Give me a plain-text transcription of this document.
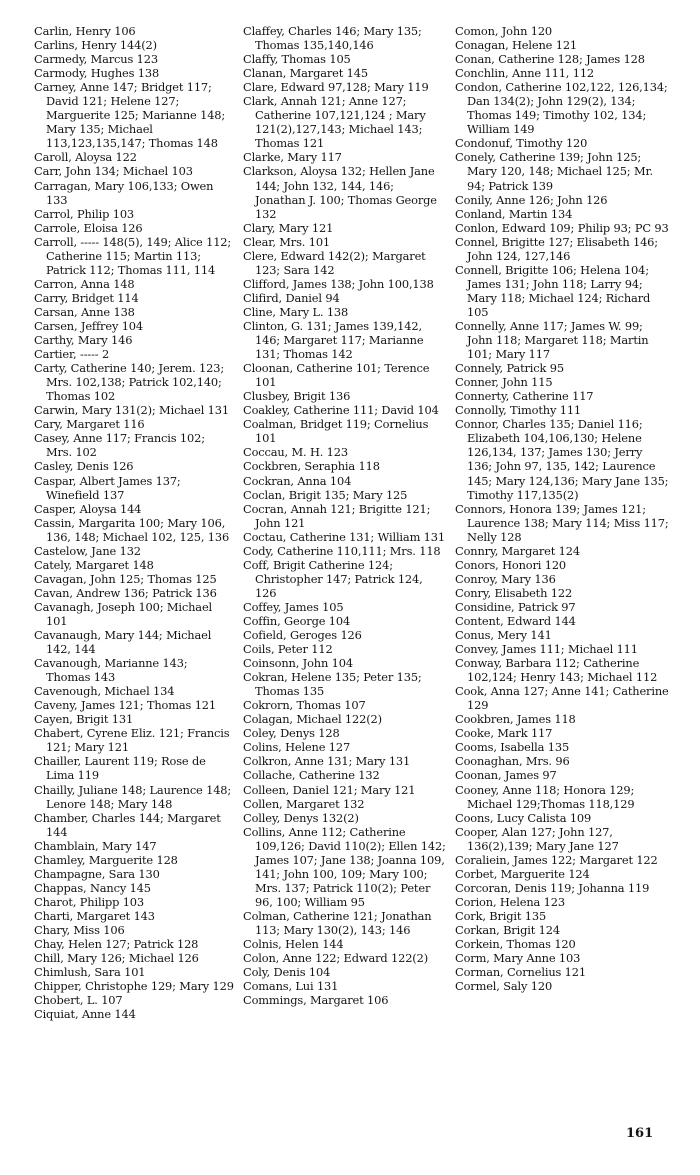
Carlin, Henry 106
Carlins, Henry 144(2)
Carmedy, Marcus 123
Carmody, Hughes 138
Carney, Anne 147; Bridget 117; David 121; Helene 127; Marguerite 125; Marianne 148; Mary 135; Michael 113,123,135,147; Thomas 148
Caroll, Aloysa 122
Carr, John 134; Michael 103
Carragan, Mary 106,133; Owen 133
Carrol, Philip 103
Carrole, Eloisa 126
Carroll, ----- 148(5), 149; Alice 112; Catherine 115; Martin 113; Patrick 112; Thomas 111, 114
Carron, Anna 148
Carry, Bridget 114
Carsan, Anne 138
Carsen, Jeffrey 104
Carthy, Mary 146
Cartier, ----- 2
Carty, Catherine 140; Jerem. 123; Mrs. 102,138; Patrick 102,140; Thomas 102
Carwin, Mary 131(2); Michael 131
Cary, Margaret 116
Casey, Anne 117; Francis 102; Mrs. 102
Casley, Denis 126
Caspar, Albert James 137; Winefield 137
Casper, Aloysa 144
Cassin, Margarita 100; Mary 106, 136, 148; Michael 102, 125, 136
Castelow, Jane 132
Cately, Margaret 148
Cavagan, John 125; Thomas 125
Cavan, Andrew 136; Patrick 136
Cavanagh, Joseph 100; Michael 101
Cavanaugh, Mary 144; Michael 142, 144
Cavanough, Marianne 143; Thomas 143
Cavenough, Michael 134
Caveny, James 121; Thomas 121
Cayen, Brigit 131
Chabert, Cyrene Eliz. 121; Francis 121; Mary 121
Chailler, Laurent 119; Rose de Lima 119
Chailly, Juliane 148; Laurence 148; Lenore 148; Mary 148
Chamber, Charles 144; Margaret 144
Chamblain, Mary 147
Chamley, Marguerite 128
Champagne, Sara 130
Chappas, Nancy 145
Charot, Philipp 103
Charti, Margaret 143
Chary, Miss 106
Chay, Helen 127; Patrick 128
Chill, Mary 126; Michael 126
Chimlush, Sara 101
Chipper, Christophe 129; Mary 129
Chobert, L. 107
Ciquiat, Anne 144
Claffey, Charles 146; Mary 135; Thomas 135,140,146
Claffy, Thomas 105
Clanan, Margaret 145
Clare, Edward 97,128; Mary 119
Clark, Annah 121; Anne 127; Catherine 107,121,124 ; Mary 121(2),127,143; Michael 143; Thomas 121
Clarke, Mary 117
Clarkson, Aloysa 132; Hellen Jane 144; John 132, 144, 146; Jonathan J. 100; Thomas George 132
Clary, Mary 121
Clear, Mrs. 101
Clere, Edward 142(2); Margaret 123; Sara 142
Clifford, James 138; John 100,138
Clifird, Daniel 94
Cline, Mary L. 138
Clinton, G. 131; James 139,142, 146; Margaret 117; Marianne 131; Thomas 142
Cloonan, Catherine 101; Terence 101
Clusbey, Brigit 136
Coakley, Catherine 111; David 104
Coalman, Bridget 119; Cornelius 101
Coccau, M. H. 123
Cockbren, Seraphia 118
Cockran, Anna 104
Coclan, Brigit 135; Mary 125
Cocran, Annah 121; Brigitte 121; John 121
Coctau, Catherine 131; William 131
Cody, Catherine 110,111; Mrs. 118
Coff, Brigit Catherine 124; Christopher 147; Patrick 124, 126
Coffey, James 105
Coffin, George 104
Cofield, Geroges 126
Coils, Peter 112
Coinsonn, John 104
Cokran, Helene 135; Peter 135; Thomas 135
Cokrorn, Thomas 107
Colagan, Michael 122(2)
Coley, Denys 128
Colins, Helene 127
Colkron, Anne 131; Mary 131
Collache, Catherine 132
Colleen, Daniel 121; Mary 121
Collen, Margaret 132
Colley, Denys 132(2)
Collins, Anne 112; Catherine 109,126; David 110(2); Ellen 142; James 107; Jane 138; Joanna 109, 141; John 100, 109; Mary 100; Mrs. 137; Patrick 110(2); Peter 96, 100; William 95
Colman, Catherine 121; Jonathan 113; Mary 130(2), 143; 146
Colnis, Helen 144
Colon, Anne 122; Edward 122(2)
Coly, Denis 104
Comans, Lui 131
Commings, Margaret 106
Comon, John 120
Conagan, Helene 121
Conan, Catherine 128; James 128
Conchlin, Anne 111, 112
Condon, Catherine 102,122, 126,134; Dan 134(2); John 129(2), 134; Thomas 149; Timothy 102, 134; William 149
Condonuf, Timothy 120
Conely, Catherine 139; John 125; Mary 120, 148; Michael 125; Mr. 94; Patrick 139
Conily, Anne 126; John 126
Conland, Martin 134
Conlon, Edward 109; Philip 93; PC 93
Connel, Brigitte 127; Elisabeth 146; John 124, 127,146
Connell, Brigitte 106; Helena 104; James 131; John 118; Larry 94; Mary 118; Michael 124; Richard 105
Connelly, Anne 117; James W. 99; John 118; Margaret 118; Martin 101; Mary 117
Connely, Patrick 95
Conner, John 115
Connerty, Catherine 117
Connolly, Timothy 111
Connor, Charles 135; Daniel 116; Elizabeth 104,106,130; Helene 126,134, 137; James 130; Jerry 136; John 97, 135, 142; Laurence 145; Mary 124,136; Mary Jane 135; Timothy 117,135(2)
Connors, Honora 139; James 121; Laurence 138; Mary 114; Miss 117; Nelly 128
Connry, Margaret 124
Conors, Honori 120
Conroy, Mary 136
Conry, Elisabeth 122
Considine, Patrick 97
Content, Edward 144
Conus, Mery 141
Convey, James 111; Michael 111
Conway, Barbara 112; Catherine 102,124; Henry 143; Michael 112
Cook, Anna 127; Anne 141; Catherine 129
Cookbren, James 118
Cooke, Mark 117
Cooms, Isabella 135
Coonaghan, Mrs. 96
Coonan, James 97
Cooney, Anne 118; Honora 129; Michael 129;Thomas 118,129
Coons, Lucy Calista 109
Cooper, Alan 127; John 127, 136(2),139; Mary Jane 127
Coraliein, James 122; Margaret 122
Corbet, Marguerite 124
Corcoran, Denis 119; Johanna 119
Corion, Helena 123
Cork, Brigit 135
Corkan, Brigit 124
Corkein, Thomas 120
Corm, Mary Anne 103
Corman, Cornelius 121
Cormel, Saly 120
161
